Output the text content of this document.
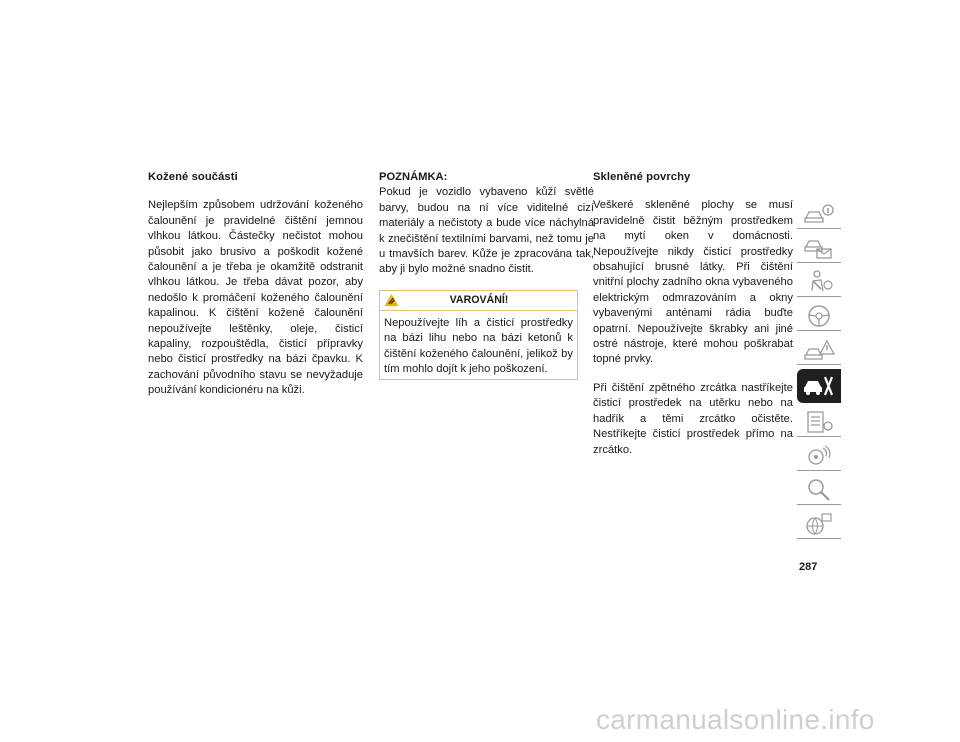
Kožené součásti

Nejlepším způsobem udržování koženého čalounění je pravidelné čištění jemnou vlhkou látkou. Částečky nečistot mohou působit jako brusivo a poškodit kožené čalounění a je třeba je okamžitě odstranit vlhkou látkou. Je třeba dávat pozor, aby nedošlo k promáčení koženého čalounění kapalinou. K čištění kožené čalounění nepoužívejte leštěnky, oleje, čisticí kapaliny, rozpouštědla, čisticí přípravky nebo čisticí prostředky na bázi čpavku. K zachování původního stavu se nevyžaduje používání kondicionéru na kůži.

POZNÁMKA:

Pokud je vozidlo vybaveno kůží světlé barvy, budou na ní více viditelné cizí materiály a nečistoty a bude více náchylná k znečištění textilními barvami, než tomu je u tmavších barev. Kůže je zpracována tak, aby ji bylo možné snadno čistit.

VAROVÁNÍ!

Nepoužívejte líh a čisticí prostředky na bázi lihu nebo na bázi ketonů k čištění koženého čalounění, jelikož by tím mohlo dojít k jeho poškození.

Skleněné povrchy

Veškeré skleněné plochy se musí pravidelně čistit běžným prostředkem na mytí oken v domácnosti. Nepoužívejte nikdy čisticí prostředky obsahující brusné látky. Při čištění vnitřní plochy zadního okna vybaveného elektrickým odmrazováním a okny vybavenými anténami rádia buďte opatrní. Nepoužívejte škrabky ani jiné ostré nástroje, které mohou poškrabat topné prvky.

Při čištění zpětného zrcátka nastříkejte čisticí prostředek na utěrku nebo na hadřík a těmi zrcátko očistěte. Nestříkejte čisticí prostředek přímo na zrcátko.

287
carmanualsonline.info
